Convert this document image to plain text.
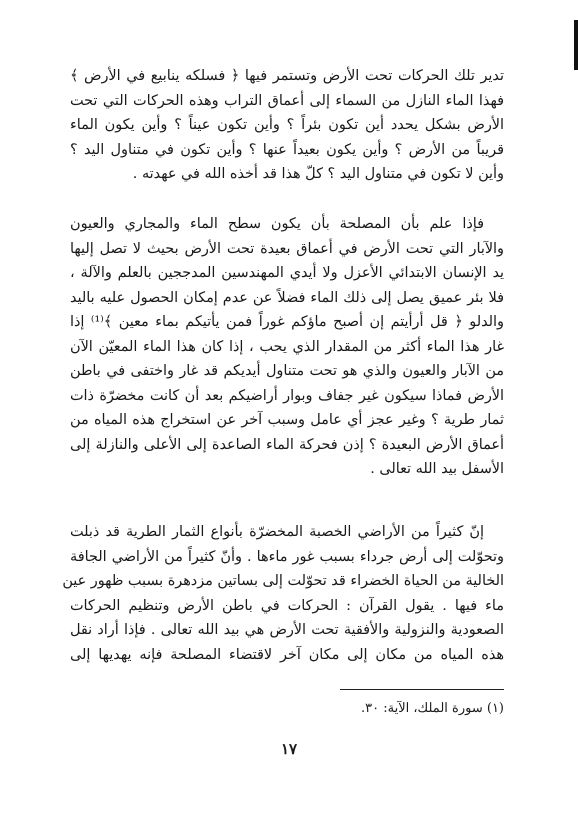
تدير تلك الحركات تحت الأرض وتستمر فيها ﴿ فسلكه ينابيع في الأرض ﴾
فهذا الماء النازل من السماء إلى أعماق التراب وهذه الحركات التي تحت
الأرض بشكل يحدد أين تكون بئراً ؟ وأين تكون عيناً ؟ وأين يكون الماء
قريباً من الأرض ؟ وأين يكون بعيداً عنها ؟ وأين تكون في متناول اليد ؟
وأين لا تكون في متناول اليد ؟ كلّ هذا قد أخذه الله في عهدته .
فإذا علم بأن المصلحة بأن يكون سطح الماء والمجاري والعيون
والآبار التي تحت الأرض في أعماق بعيدة تحت الأرض بحيث لا تصل إليها
يد الإنسان الابتدائي الأعزل ولا أيدي المهندسين المدججين بالعلم والآلة ،
فلا بئر عميق يصل إلى ذلك الماء فضلاً عن عدم إمكان الحصول عليه باليد
والدلو ﴿ قل أرأيتم إن أصبح ماؤكم غوراً فمن يأتيكم بماء معين ﴾⁽¹⁾ إذا
غار هذا الماء أكثر من المقدار الذي يحب ، إذا كان هذا الماء المعيّن الآن
من الآبار والعيون والذي هو تحت متناول أيديكم قد غار واختفى في باطن
الأرض فماذا سيكون غير جفاف وبوار أراضيكم بعد أن كانت مخضرّة ذات
ثمار طرية ؟ وغير عجز أي عامل وسبب آخر عن استخراج هذه المياه من
أعماق الأرض البعيدة ؟ إذن فحركة الماء الصاعدة إلى الأعلى والنازلة إلى
الأسفل بيد الله تعالى .
إنّ كثيراً من الأراضي الخصبة المخضرّة بأنواع الثمار الطرية قد ذبلت
وتحوّلت إلى أرض جرداء بسبب غور ماءها . وأنّ كثيراً من الأراضي الجافة
الخالية من الحياة الخضراء قد تحوّلت إلى بساتين مزدهرة بسبب ظهور عين
ماء فيها . يقول القرآن : الحركات في باطن الأرض وتنظيم الحركات
الصعودية والنزولية والأفقية تحت الأرض هي بيد الله تعالى . فإذا أراد نقل
هذه المياه من مكان إلى مكان آخر لاقتضاء المصلحة فإنه يهديها إلى
(١) سورة الملك، الآية: ٣٠.
١٧
